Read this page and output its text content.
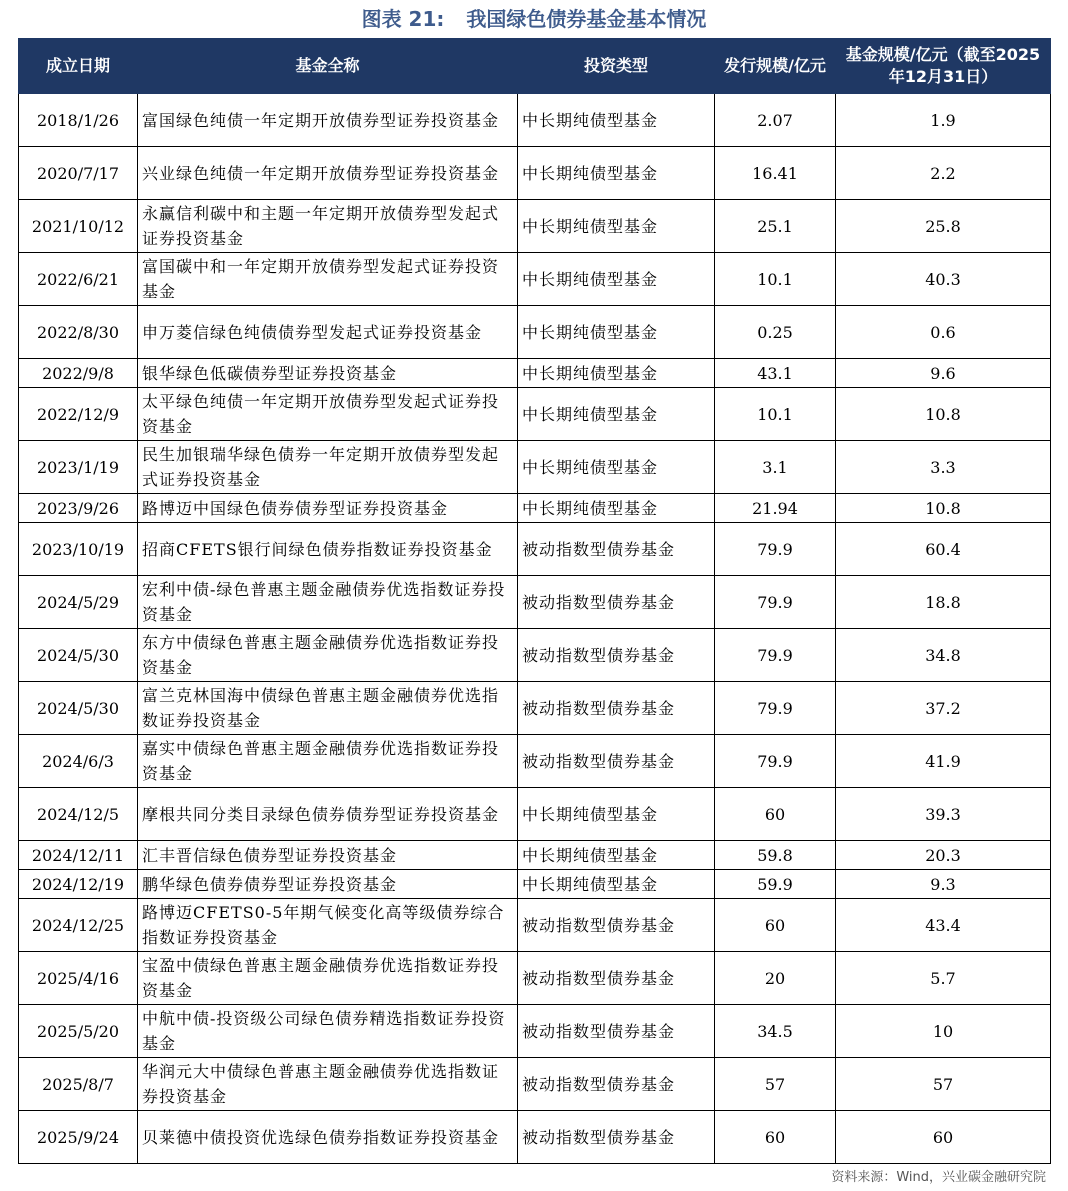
图表 21: 我国绿色债券基金基本情况
成立日期	基金全称	投资类型	发行规模/亿元	基金规模/亿元（截至2025年12月31日）
2018/1/26	富国绿色纯债一年定期开放债券型证券投资基金	中长期纯债型基金	2.07	1.9
2020/7/17	兴业绿色纯债一年定期开放债券型证券投资基金	中长期纯债型基金	16.41	2.2
2021/10/12	永赢信利碳中和主题一年定期开放债券型发起式证券投资基金	中长期纯债型基金	25.1	25.8
2022/6/21	富国碳中和一年定期开放债券型发起式证券投资基金	中长期纯债型基金	10.1	40.3
2022/8/30	申万菱信绿色纯债债券型发起式证券投资基金	中长期纯债型基金	0.25	0.6
2022/9/8	银华绿色低碳债券型证券投资基金	中长期纯债型基金	43.1	9.6
2022/12/9	太平绿色纯债一年定期开放债券型发起式证券投资基金	中长期纯债型基金	10.1	10.8
2023/1/19	民生加银瑞华绿色债券一年定期开放债券型发起式证券投资基金	中长期纯债型基金	3.1	3.3
2023/9/26	路博迈中国绿色债券债券型证券投资基金	中长期纯债型基金	21.94	10.8
2023/10/19	招商CFETS银行间绿色债券指数证券投资基金	被动指数型债券基金	79.9	60.4
2024/5/29	宏利中债-绿色普惠主题金融债券优选指数证券投资基金	被动指数型债券基金	79.9	18.8
2024/5/30	东方中债绿色普惠主题金融债券优选指数证券投资基金	被动指数型债券基金	79.9	34.8
2024/5/30	富兰克林国海中债绿色普惠主题金融债券优选指数证券投资基金	被动指数型债券基金	79.9	37.2
2024/6/3	嘉实中债绿色普惠主题金融债券优选指数证券投资基金	被动指数型债券基金	79.9	41.9
2024/12/5	摩根共同分类目录绿色债券债券型证券投资基金	中长期纯债型基金	60	39.3
2024/12/11	汇丰晋信绿色债券型证券投资基金	中长期纯债型基金	59.8	20.3
2024/12/19	鹏华绿色债券债券型证券投资基金	中长期纯债型基金	59.9	9.3
2024/12/25	路博迈CFETS0-5年期气候变化高等级债券综合指数证券投资基金	被动指数型债券基金	60	43.4
2025/4/16	宝盈中债绿色普惠主题金融债券优选指数证券投资基金	被动指数型债券基金	20	5.7
2025/5/20	中航中债-投资级公司绿色债券精选指数证券投资基金	被动指数型债券基金	34.5	10
2025/8/7	华润元大中债绿色普惠主题金融债券优选指数证券投资基金	被动指数型债券基金	57	57
2025/9/24	贝莱德中债投资优选绿色债券指数证券投资基金	被动指数型债券基金	60	60
资料来源：Wind，兴业碳金融研究院
